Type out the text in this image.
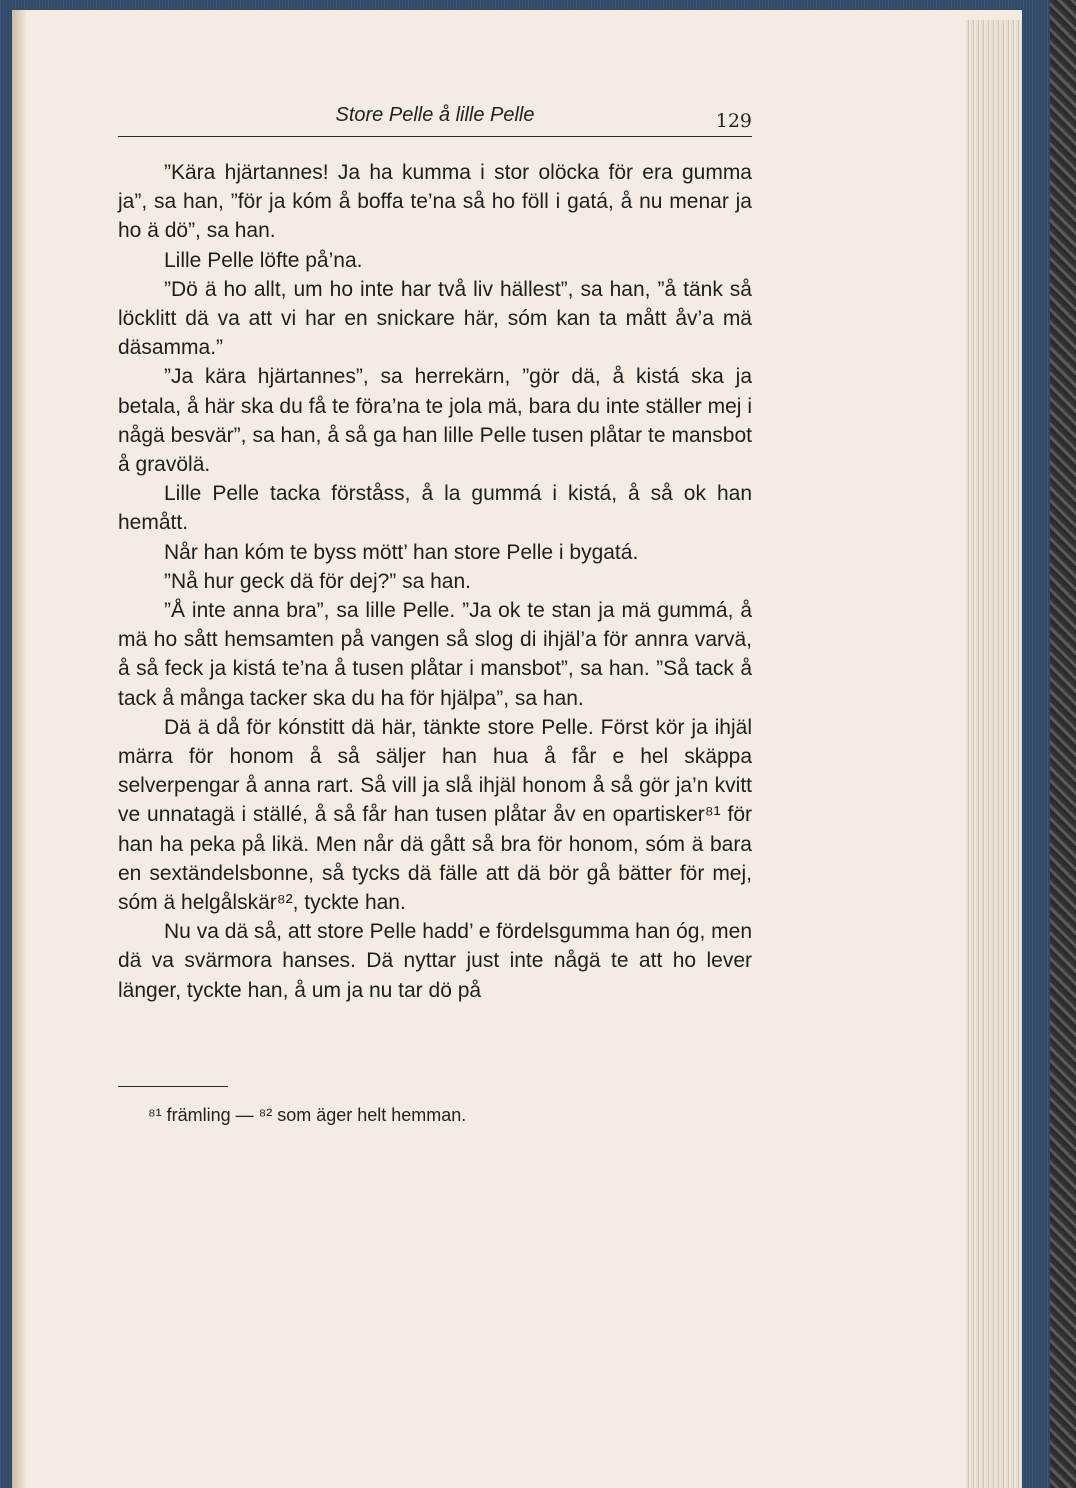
Store Pelle å lille Pelle	129

”Kära hjärtannes! Ja ha kumma i stor olöcka för era gumma ja”, sa han, ”för ja kóm å boffa te’na så ho föll i gatá, å nu menar ja ho ä dö”, sa han.

Lille Pelle löfte på’na.

”Dö ä ho allt, um ho inte har två liv hällest”, sa han, ”å tänk så löcklitt dä va att vi har en snickare här, sóm kan ta mått åv’a mä däsamma.”

”Ja kära hjärtannes”, sa herrekärn, ”gör dä, å kistá ska ja betala, å här ska du få te föra’na te jola mä, bara du inte ställer mej i någä besvär”, sa han, å så ga han lille Pelle tusen plåtar te mansbot å gravölä.

Lille Pelle tacka förståss, å la gummá i kistá, å så ok han hemått.

Når han kóm te byss mött’ han store Pelle i bygatá.

”Nå hur geck dä för dej?” sa han.

”Å inte anna bra”, sa lille Pelle. ”Ja ok te stan ja mä gummá, å mä ho sått hemsamten på vangen så slog di ihjäl’a för annra varvä, å så feck ja kistá te’na å tusen plåtar i mansbot”, sa han. ”Så tack å tack å många tacker ska du ha för hjälpa”, sa han.

Dä ä då för kónstitt dä här, tänkte store Pelle. Först kör ja ihjäl märra för honom å så säljer han hua å får e hel skäppa selverpengar å anna rart. Så vill ja slå ihjäl honom å så gör ja’n kvitt ve unnatagä i ställé, å så får han tusen plåtar åv en opartisker⁸¹ för han ha peka på likä. Men når dä gått så bra för honom, sóm ä bara en sextändelsbonne, så tycks dä fälle att dä bör gå bätter för mej, sóm ä helgålskär⁸², tyckte han.

Nu va dä så, att store Pelle hadd’ e fördelsgumma han óg, men dä va svärmora hanses. Dä nyttar just inte någä te att ho lever länger, tyckte han, å um ja nu tar dö på

⁸¹ främling — ⁸² som äger helt hemman.
